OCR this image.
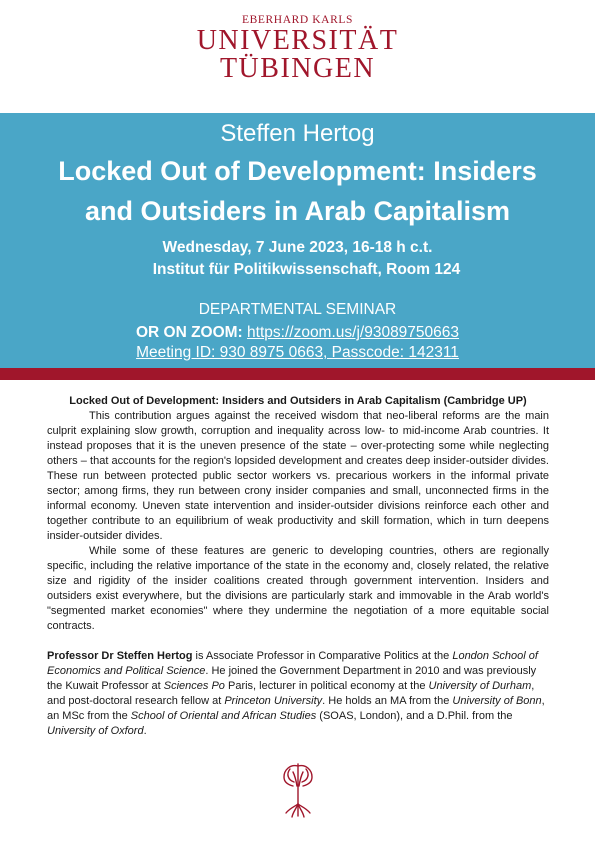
EBERHARD KARLS
UNIVERSITÄT
TÜBINGEN
Steffen Hertog
Locked Out of Development: Insiders
and Outsiders in Arab Capitalism
Wednesday, 7 June 2023, 16-18 h c.t.
Institut für Politikwissenschaft, Room 124
DEPARTMENTAL SEMINAR
OR ON ZOOM: https://zoom.us/j/93089750663
Meeting ID: 930 8975 0663, Passcode: 142311

Locked Out of Development: Insiders and Outsiders in Arab Capitalism (Cambridge UP)

This contribution argues against the received wisdom that neo-liberal reforms are the main culprit explaining slow growth, corruption and inequality across low- to mid-income Arab countries. It instead proposes that it is the uneven presence of the state – over-protecting some while neglecting others – that accounts for the region's lopsided development and creates deep insider-outsider divides. These run between protected public sector workers vs. precarious workers in the informal private sector; among firms, they run between crony insider companies and small, unconnected firms in the informal economy. Uneven state intervention and insider-outsider divisions reinforce each other and together contribute to an equilibrium of weak productivity and skill formation, which in turn deepens insider-outsider divides.

While some of these features are generic to developing countries, others are regionally specific, including the relative importance of the state in the economy and, closely related, the relative size and rigidity of the insider coalitions created through government intervention. Insiders and outsiders exist everywhere, but the divisions are particularly stark and immovable in the Arab world's "segmented market economies" where they undermine the negotiation of a more equitable social contracts.

Professor Dr Steffen Hertog is Associate Professor in Comparative Politics at the London School of Economics and Political Science. He joined the Government Department in 2010 and was previously the Kuwait Professor at Sciences Po Paris, lecturer in political economy at the University of Durham, and post-doctoral research fellow at Princeton University. He holds an MA from the University of Bonn, an MSc from the School of Oriental and African Studies (SOAS, London), and a D.Phil. from the University of Oxford.
